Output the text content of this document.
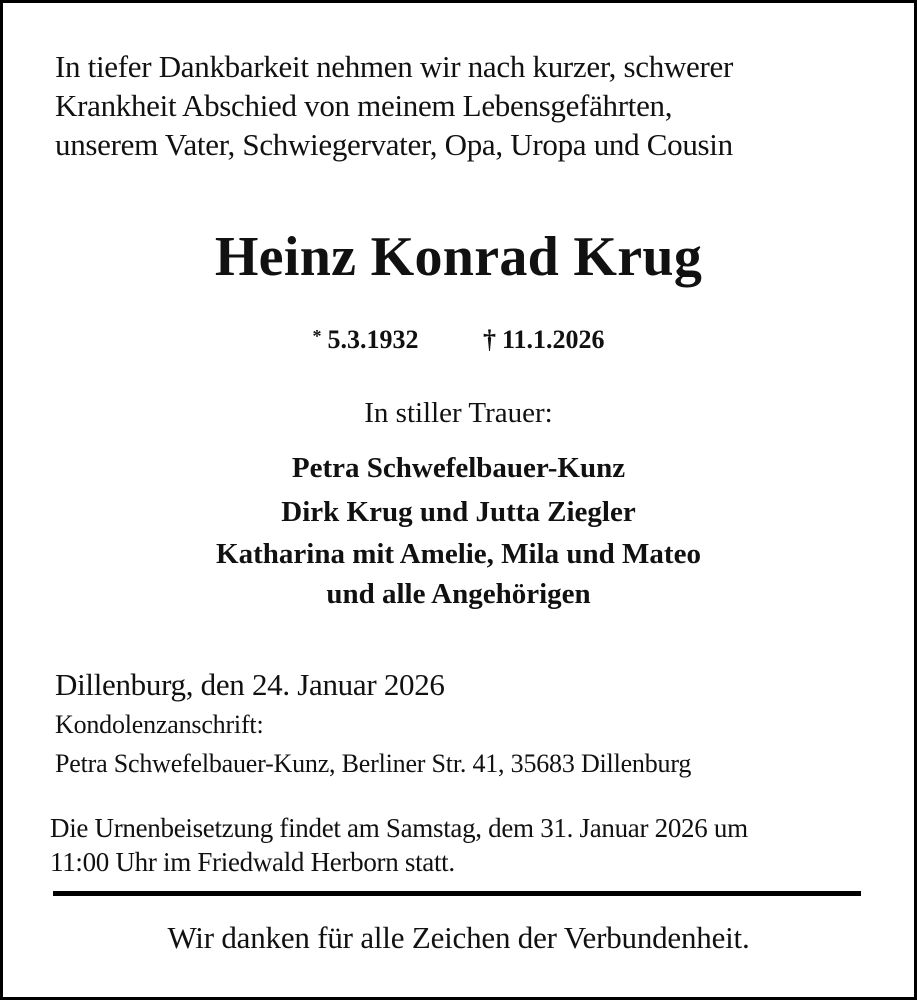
In tiefer Dankbarkeit nehmen wir nach kurzer, schwerer
Krankheit Abschied von meinem Lebensgefährten,
unserem Vater, Schwiegervater, Opa, Uropa und Cousin
Heinz Konrad Krug
* 5.3.1932 † 11.1.2026
In stiller Trauer:
Petra Schwefelbauer-Kunz
Dirk Krug und Jutta Ziegler
Katharina mit Amelie, Mila und Mateo
und alle Angehörigen
Dillenburg, den 24. Januar 2026
Kondolenzanschrift:
Petra Schwefelbauer-Kunz, Berliner Str. 41, 35683 Dillenburg
Die Urnenbeisetzung findet am Samstag, dem 31. Januar 2026 um
11:00 Uhr im Friedwald Herborn statt.
Wir danken für alle Zeichen der Verbundenheit.
